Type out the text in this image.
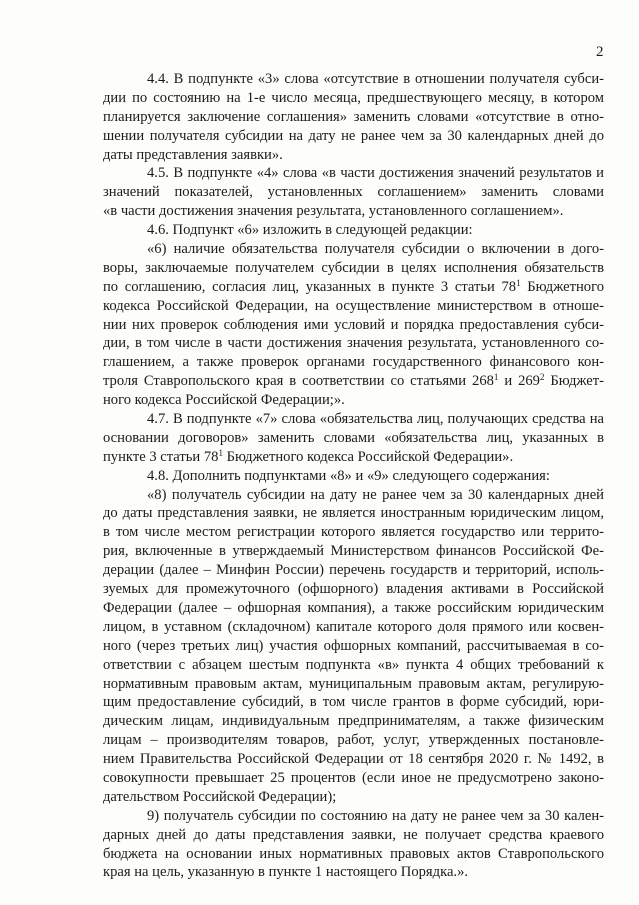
2
4.4. В подпункте «3» слова «отсутствие в отношении получателя субси-
дии по состоянию на 1-е число месяца, предшествующего месяцу, в котором
планируется заключение соглашения» заменить словами «отсутствие в отно-
шении получателя субсидии на дату не ранее чем за 30 календарных дней до
даты представления заявки».
4.5. В подпункте «4» слова «в части достижения значений результатов и
значений показателей, установленных соглашением» заменить словами
«в части достижения значения результата, установленного соглашением».
4.6. Подпункт «6» изложить в следующей редакции:
«6) наличие обязательства получателя субсидии о включении в дого-
воры, заключаемые получателем субсидии в целях исполнения обязательств
по соглашению, согласия лиц, указанных в пункте 3 статьи $78^1$ Бюджетного
кодекса Российской Федерации, на осуществление министерством в отноше-
нии них проверок соблюдения ими условий и порядка предоставления субси-
дии, в том числе в части достижения значения результата, установленного со-
глашением, а также проверок органами государственного финансового кон-
троля Ставропольского края в соответствии со статьями $268^1$ и $269^2$ Бюджет-
ного кодекса Российской Федерации;».
4.7. В подпункте «7» слова «обязательства лиц, получающих средства на
основании договоров» заменить словами «обязательства лиц, указанных в
пункте 3 статьи $78^1$ Бюджетного кодекса Российской Федерации».
4.8. Дополнить подпунктами «8» и «9» следующего содержания:
«8) получатель субсидии на дату не ранее чем за 30 календарных дней
до даты представления заявки, не является иностранным юридическим лицом,
в том числе местом регистрации которого является государство или террито-
рия, включенные в утверждаемый Министерством финансов Российской Фе-
дерации (далее – Минфин России) перечень государств и территорий, исполь-
зуемых для промежуточного (офшорного) владения активами в Российской
Федерации (далее – офшорная компания), а также российским юридическим
лицом, в уставном (складочном) капитале которого доля прямого или косвен-
ного (через третьих лиц) участия офшорных компаний, рассчитываемая в со-
ответствии с абзацем шестым подпункта «в» пункта 4 общих требований к
нормативным правовым актам, муниципальным правовым актам, регулирую-
щим предоставление субсидий, в том числе грантов в форме субсидий, юри-
дическим лицам, индивидуальным предпринимателям, а также физическим
лицам – производителям товаров, работ, услуг, утвержденных постановле-
нием Правительства Российской Федерации от 18 сентября 2020 г. № 1492, в
совокупности превышает 25 процентов (если иное не предусмотрено законо-
дательством Российской Федерации);
9) получатель субсидии по состоянию на дату не ранее чем за 30 кален-
дарных дней до даты представления заявки, не получает средства краевого
бюджета на основании иных нормативных правовых актов Ставропольского
края на цель, указанную в пункте 1 настоящего Порядка.».
